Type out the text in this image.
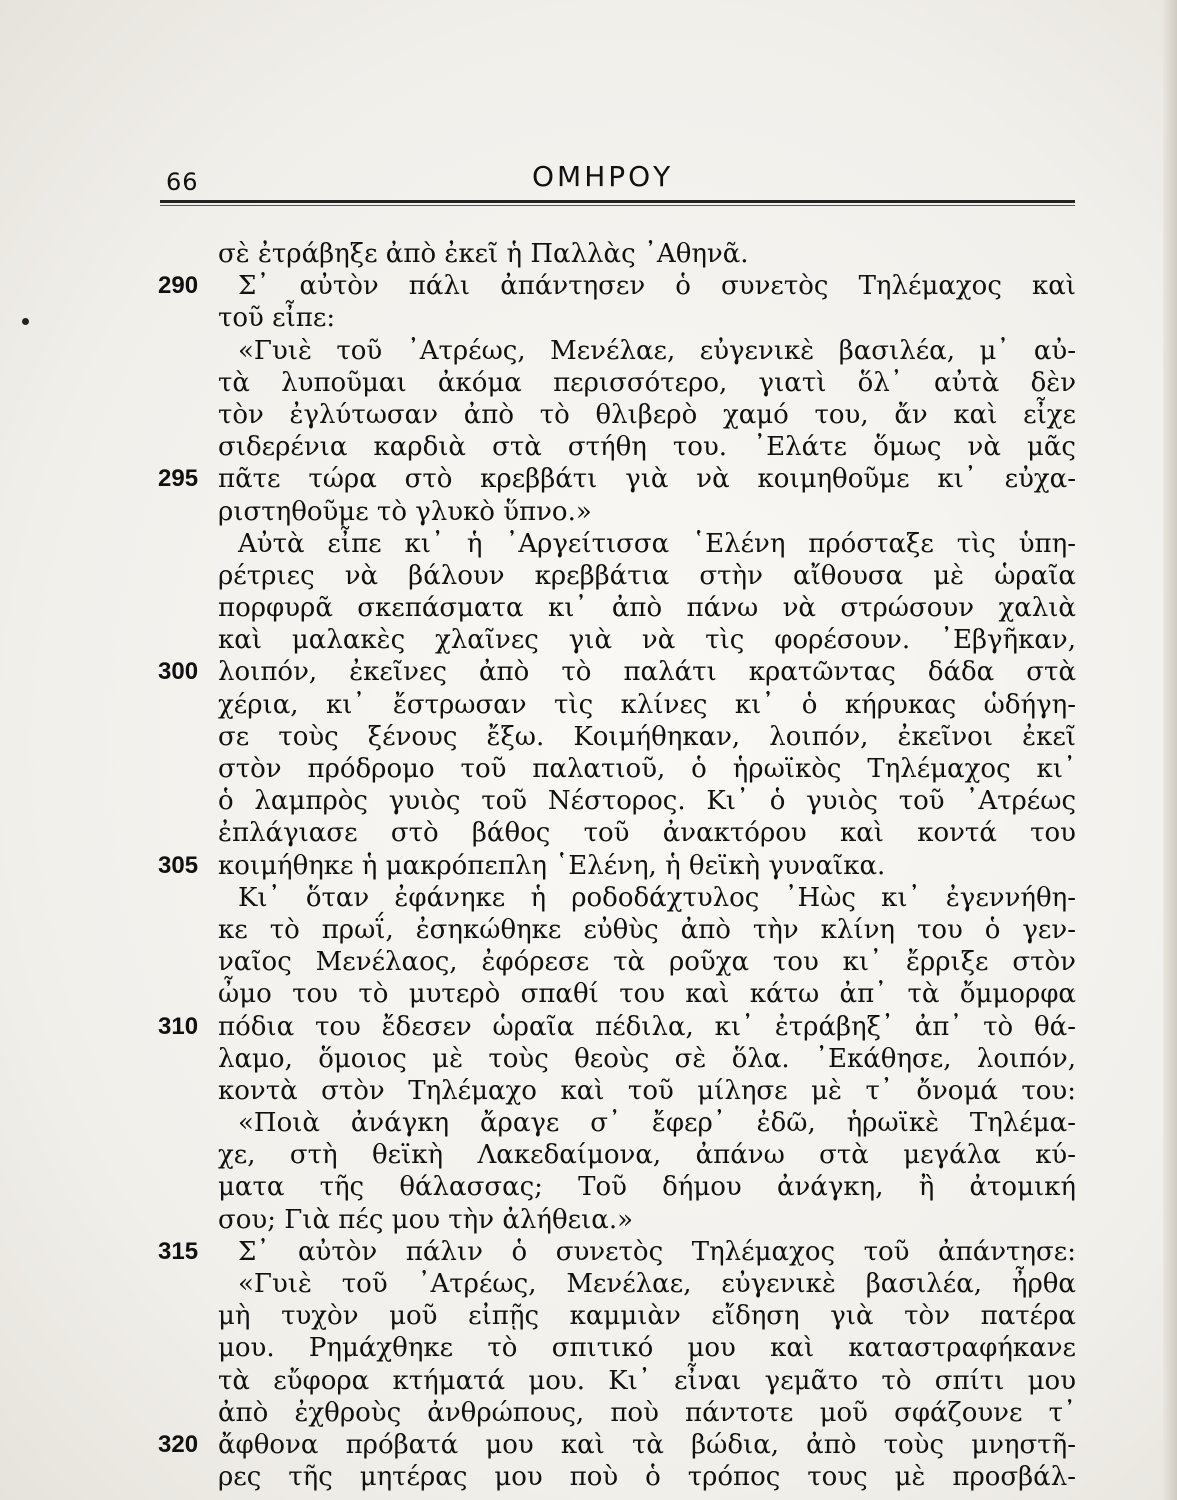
66	ΟΜΗΡΟΥ
σὲ ἐτράβηξε ἀπὸ ἐκεῖ ἡ Παλλὰς ᾿Αθηνᾶ.
290 Σ᾿ αὐτὸν πάλι ἀπάντησεν ὁ συνετὸς Τηλέμαχος καὶ
τοῦ εἶπε:
«Γυιὲ τοῦ ᾿Ατρέως, Μενέλαε, εὐγενικὲ βασιλέα, μ᾿ αὐ-
τὰ λυποῦμαι ἀκόμα περισσότερο, γιατὶ ὅλ᾿ αὐτὰ δὲν
τὸν ἐγλύτωσαν ἀπὸ τὸ θλιβερὸ χαμό του, ἄν καὶ εἶχε
σιδερένια καρδιὰ στὰ στήθη του. ᾿Ελάτε ὅμως νὰ μᾶς
295 πᾶτε τώρα στὸ κρεββάτι γιὰ νὰ κοιμηθοῦμε κι᾿ εὐχα-
ριστηθοῦμε τὸ γλυκὸ ὕπνο.»
Αὐτὰ εἶπε κι᾿ ἡ ᾿Αργείτισσα ῾Ελένη πρόσταξε τὶς ὑπη-
ρέτριες νὰ βάλουν κρεββάτια στὴν αἴθουσα μὲ ὡραῖα
πορφυρᾶ σκεπάσματα κι᾿ ἀπὸ πάνω νὰ στρώσουν χαλιὰ
καὶ μαλακὲς χλαῖνες γιὰ νὰ τὶς φορέσουν. ᾿Εβγῆκαν,
300 λοιπόν, ἐκεῖνες ἀπὸ τὸ παλάτι κρατῶντας δάδα στὰ
χέρια, κι᾿ ἔστρωσαν τὶς κλίνες κι᾿ ὁ κήρυκας ὡδήγη-
σε τοὺς ξένους ἔξω. Κοιμήθηκαν, λοιπόν, ἐκεῖνοι ἐκεῖ
στὸν πρόδρομο τοῦ παλατιοῦ, ὁ ἡρωϊκὸς Τηλέμαχος κι᾿
ὁ λαμπρὸς γυιὸς τοῦ Νέστορος. Κι᾿ ὁ γυιὸς τοῦ ᾿Ατρέως
ἐπλάγιασε στὸ βάθος τοῦ ἀνακτόρου καὶ κοντά του
305 κοιμήθηκε ἡ μακρόπεπλη ῾Ελένη, ἡ θεϊκὴ γυναῖκα.
Κι᾿ ὅταν ἐφάνηκε ἡ ροδοδάχτυλος ᾿Ηὼς κι᾿ ἐγεννήθη-
κε τὸ πρωΐ, ἐσηκώθηκε εὐθὺς ἀπὸ τὴν κλίνη του ὁ γεν-
ναῖος Μενέλαος, ἐφόρεσε τὰ ροῦχα του κι᾿ ἔρριξε στὸν
ὦμο του τὸ μυτερὸ σπαθί του καὶ κάτω ἀπ᾿ τὰ ὄμμορφα
310 πόδια του ἔδεσεν ὡραῖα πέδιλα, κι᾿ ἐτράβηξ᾿ ἀπ᾿ τὸ θά-
λαμο, ὅμοιος μὲ τοὺς θεοὺς σὲ ὅλα. ᾿Εκάθησε, λοιπόν,
κοντὰ στὸν Τηλέμαχο καὶ τοῦ μίλησε μὲ τ᾿ ὄνομά του:
«Ποιὰ ἀνάγκη ἄραγε σ᾿ ἔφερ᾿ ἐδῶ, ἡρωϊκὲ Τηλέμα-
χε, στὴ θεϊκὴ Λακεδαίμονα, ἀπάνω στὰ μεγάλα κύ-
ματα τῆς θάλασσας; Τοῦ δήμου ἀνάγκη, ἢ ἀτομική
σου; Γιὰ πές μου τὴν ἀλήθεια.»
315 Σ᾿ αὐτὸν πάλιν ὁ συνετὸς Τηλέμαχος τοῦ ἀπάντησε:
«Γυιὲ τοῦ ᾿Ατρέως, Μενέλαε, εὐγενικὲ βασιλέα, ἦρθα
μὴ τυχὸν μοῦ εἰπῇς καμμιὰν εἴδηση γιὰ τὸν πατέρα
μου. Ρημάχθηκε τὸ σπιτικό μου καὶ καταστραφήκανε
τὰ εὔφορα κτήματά μου. Κι᾿ εἶναι γεμᾶτο τὸ σπίτι μου
ἀπὸ ἐχθροὺς ἀνθρώπους, ποὺ πάντοτε μοῦ σφάζουνε τ᾿
320 ἄφθονα πρόβατά μου καὶ τὰ βώδια, ἀπὸ τοὺς μνηστῆ-
ρες τῆς μητέρας μου ποὺ ὁ τρόπος τους μὲ προσβάλ-
